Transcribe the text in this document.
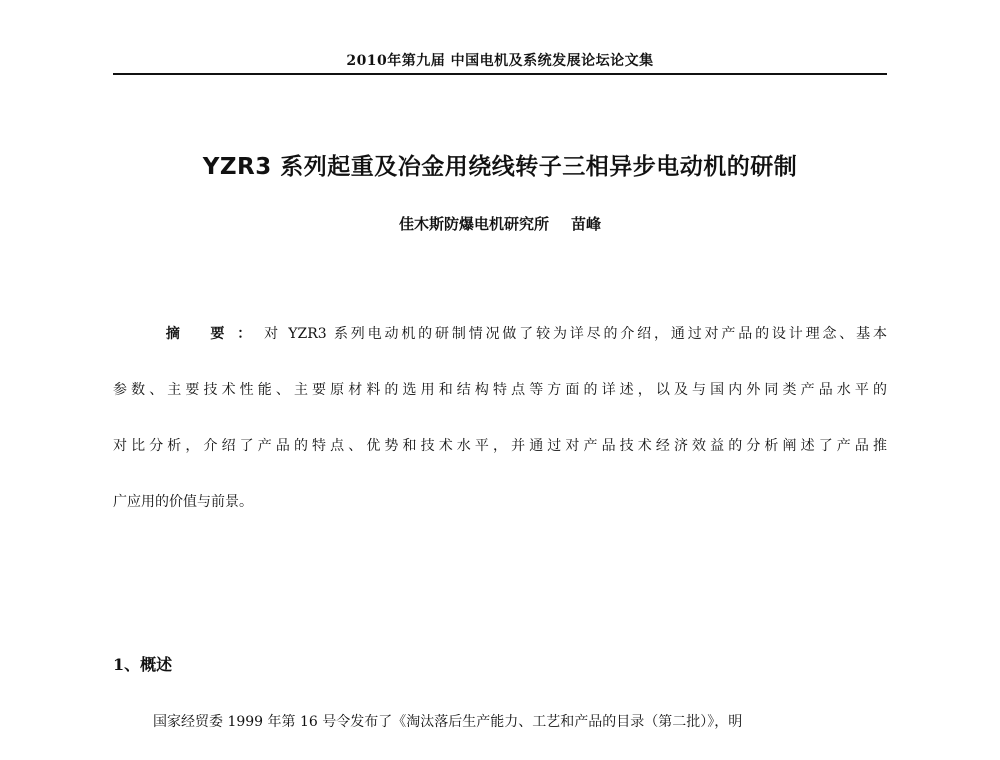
2010年第九届 中国电机及系统发展论坛论文集
YZR3 系列起重及冶金用绕线转子三相异步电动机的研制
佳木斯防爆电机研究所 苗峰
摘 要：对 YZR3 系列电动机的研制情况做了较为详尽的介绍，通过对产品的设计理念、基本
参数、主要技术性能、主要原材料的选用和结构特点等方面的详述，以及与国内外同类产品水平的
对比分析，介绍了产品的特点、优势和技术水平，并通过对产品技术经济效益的分析阐述了产品推
广应用的价值与前景。
1、概述
国家经贸委 1999 年第 16 号令发布了《淘汰落后生产能力、工艺和产品的目录（第二批）》，明
